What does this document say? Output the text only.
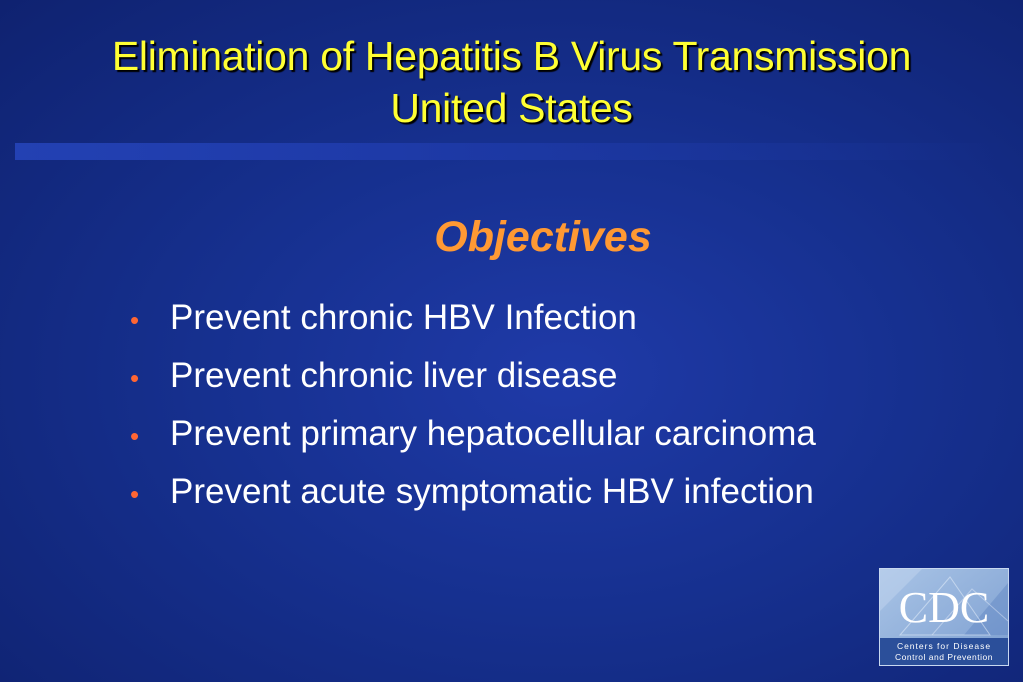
Elimination of Hepatitis B Virus Transmission
United States
Objectives
• Prevent chronic HBV Infection
• Prevent chronic liver disease
• Prevent primary hepatocellular carcinoma
• Prevent acute symptomatic HBV infection
CDC
Centers for Disease
Control and Prevention
